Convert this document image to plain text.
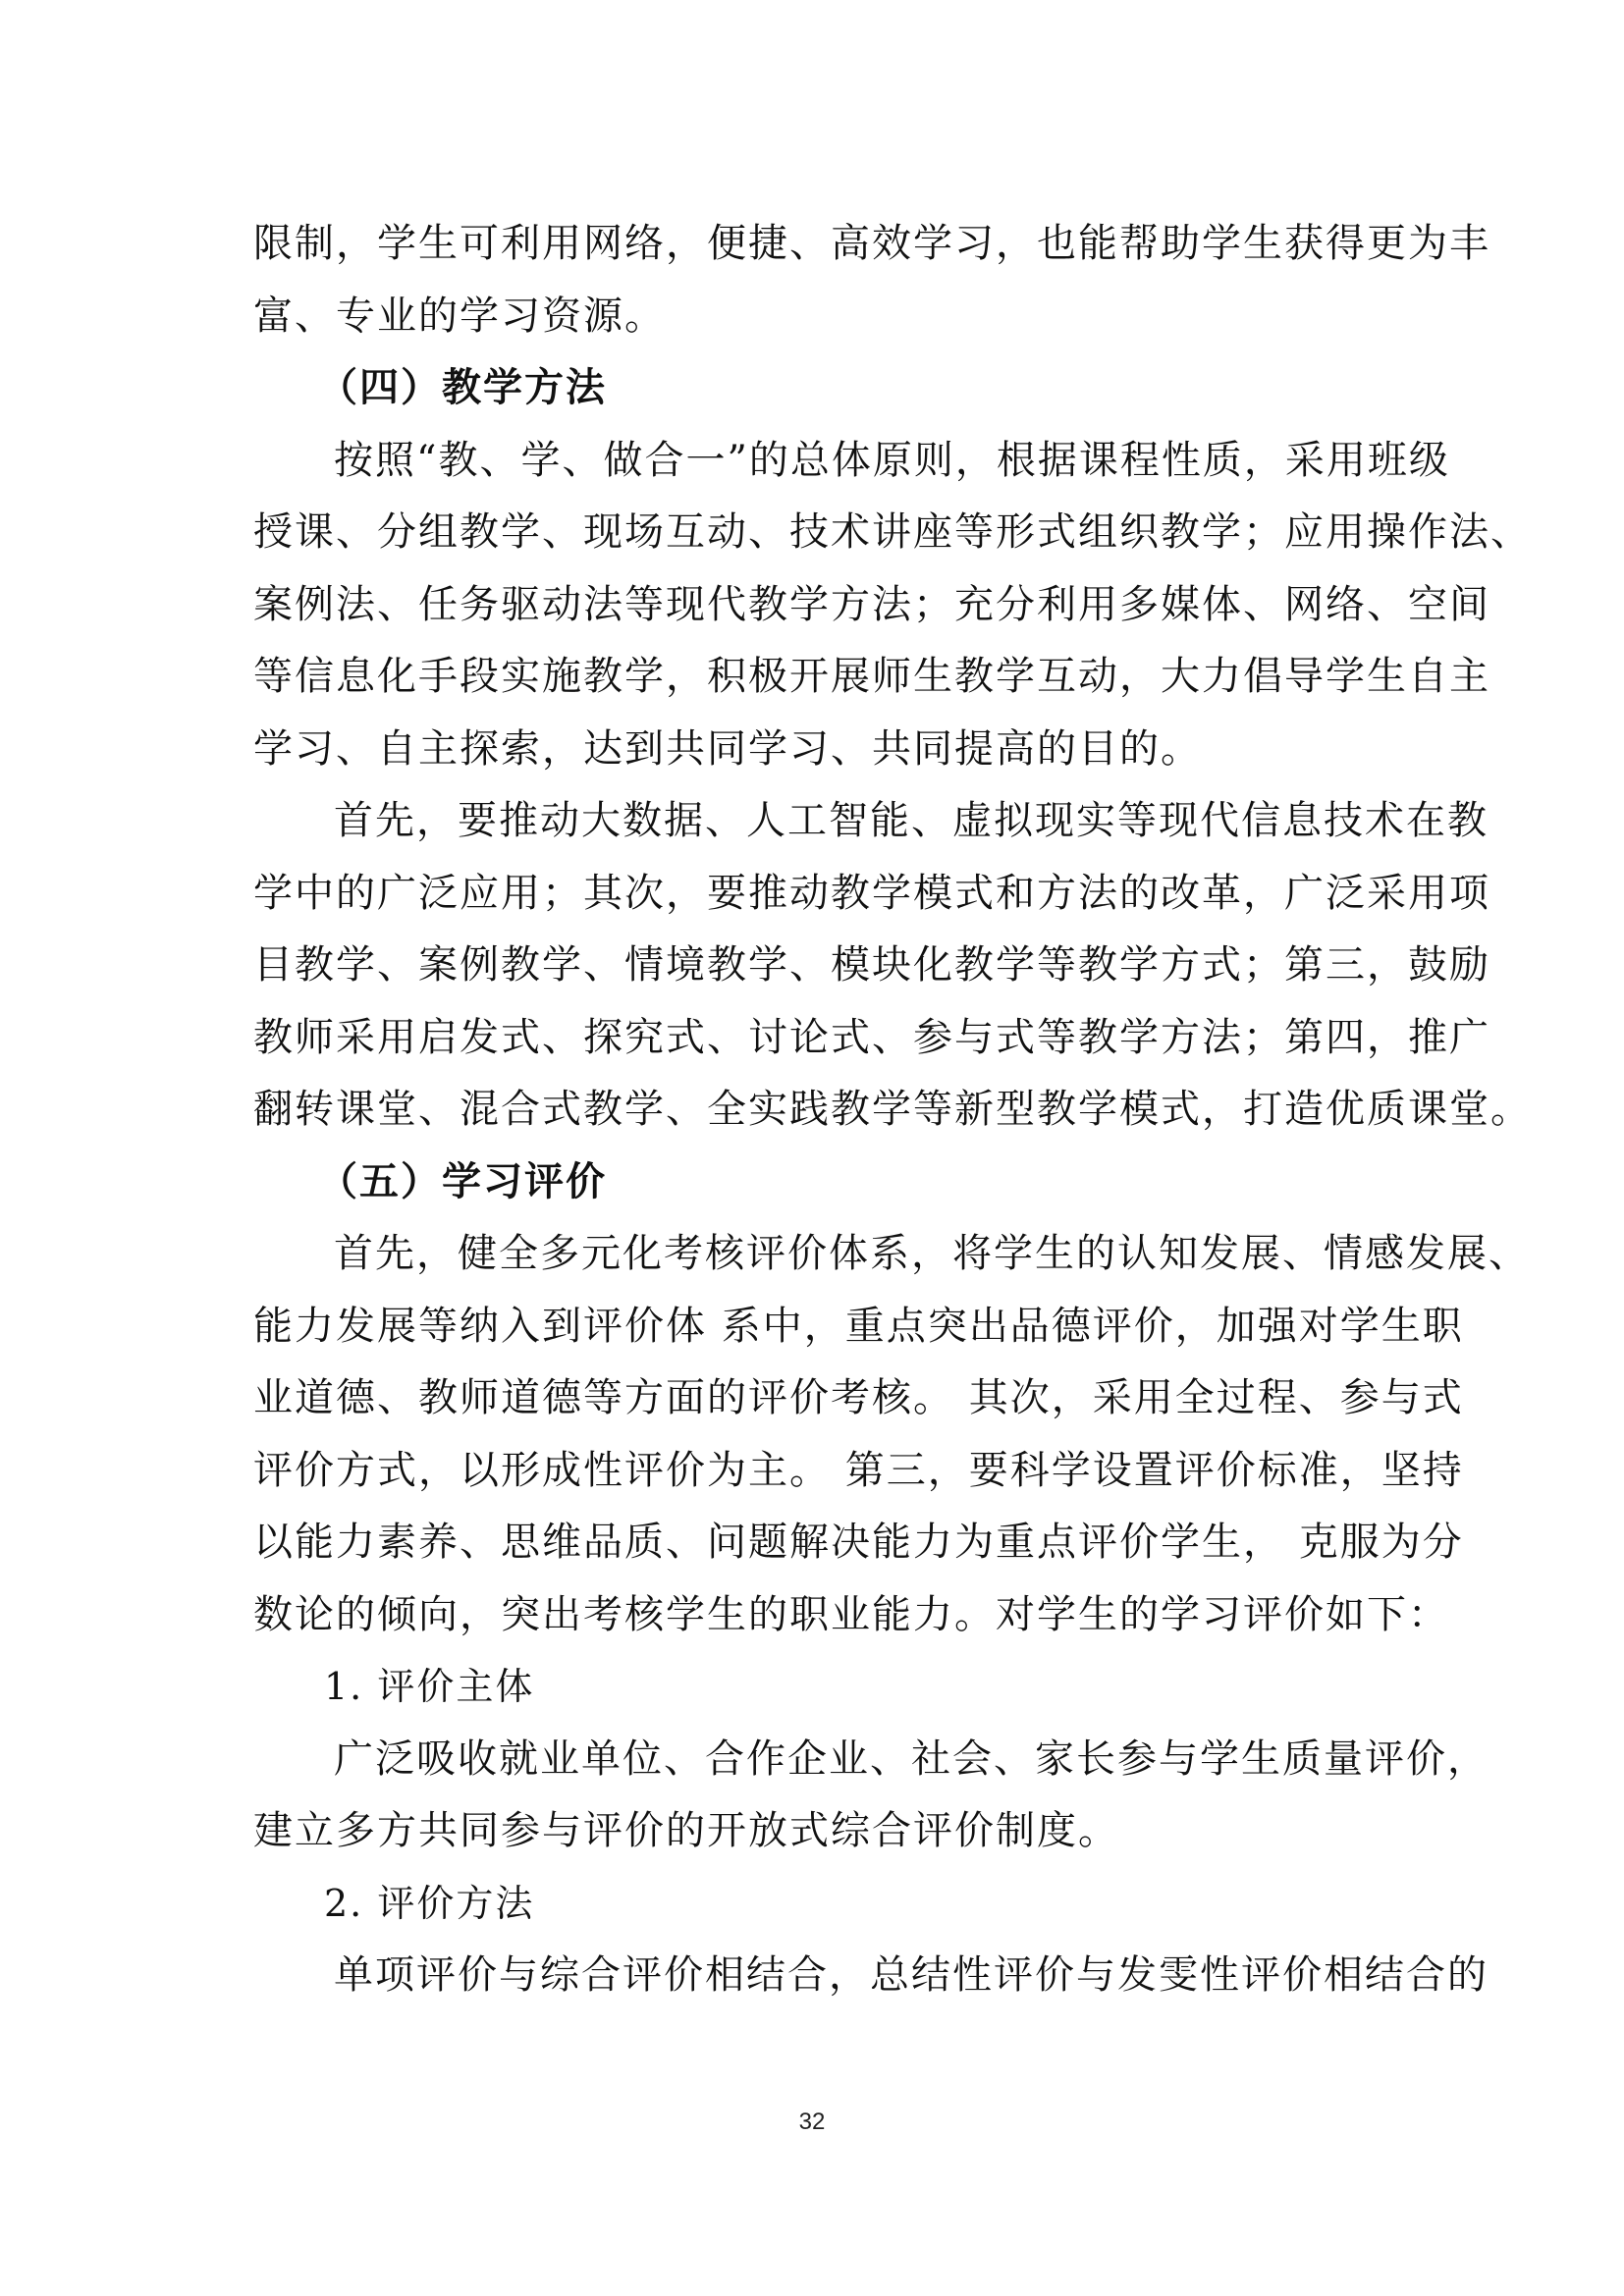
限制，学生可利用网络，便捷、高效学习，也能帮助学生获得更为丰
富、专业的学习资源。
（四）教学方法
按照“教、学、做合一”的总体原则，根据课程性质，采用班级
授课、分组教学、现场互动、技术讲座等形式组织教学；应用操作法、
案例法、任务驱动法等现代教学方法；充分利用多媒体、网络、空间
等信息化手段实施教学，积极开展师生教学互动，大力倡导学生自主
学习、自主探索，达到共同学习、共同提高的目的。
首先，要推动大数据、人工智能、虚拟现实等现代信息技术在教
学中的广泛应用；其次，要推动教学模式和方法的改革，广泛采用项
目教学、案例教学、情境教学、模块化教学等教学方式；第三，鼓励
教师采用启发式、探究式、讨论式、参与式等教学方法；第四，推广
翻转课堂、混合式教学、全实践教学等新型教学模式，打造优质课堂。
（五）学习评价
首先，健全多元化考核评价体系，将学生的认知发展、情感发展、
能力发展等纳入到评价体 系中，重点突出品德评价，加强对学生职
业道德、教师道德等方面的评价考核。 其次，采用全过程、参与式
评价方式，以形成性评价为主。 第三，要科学设置评价标准，坚持
以能力素养、思维品质、问题解决能力为重点评价学生， 克服为分
数论的倾向，突出考核学生的职业能力。对学生的学习评价如下：
1. 评价主体
广泛吸收就业单位、合作企业、社会、家长参与学生质量评价，
建立多方共同参与评价的开放式综合评价制度。
2. 评价方法
单项评价与综合评价相结合，总结性评价与发雯性评价相结合的
32
